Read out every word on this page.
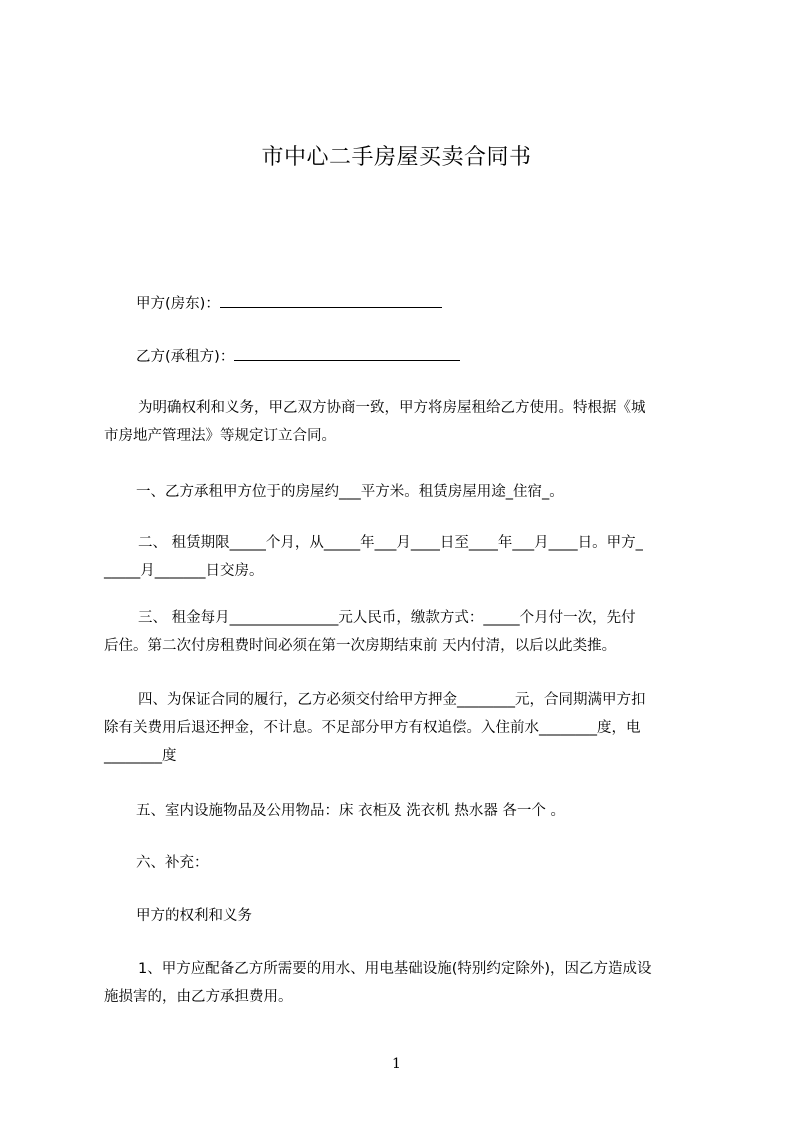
市中心二手房屋买卖合同书
甲方(房东)：
乙方(承租方)：
为明确权利和义务，甲乙双方协商一致，甲方将房屋租给乙方使用。特根据《城
市房地产管理法》等规定订立合同。
一、乙方承租甲方位于的房屋约___平方米。租赁房屋用途_住宿_。
二、 租赁期限_____个月，从_____年___月____日至____年___月____日。甲方_
_____月_______日交房。
三、 租金每月_______________元人民币，缴款方式：_____个月付一次，先付
后住。第二次付房租费时间必须在第一次房期结束前 天内付清，以后以此类推。
四、为保证合同的履行，乙方必须交付给甲方押金________元，合同期满甲方扣
除有关费用后退还押金，不计息。不足部分甲方有权追偿。入住前水________度，电
________度
五、室内设施物品及公用物品：床 衣柜及 洗衣机 热水器 各一个 。
六、补充：
甲方的权利和义务
1、甲方应配备乙方所需要的用水、用电基础设施(特别约定除外)，因乙方造成设
施损害的，由乙方承担费用。
1
